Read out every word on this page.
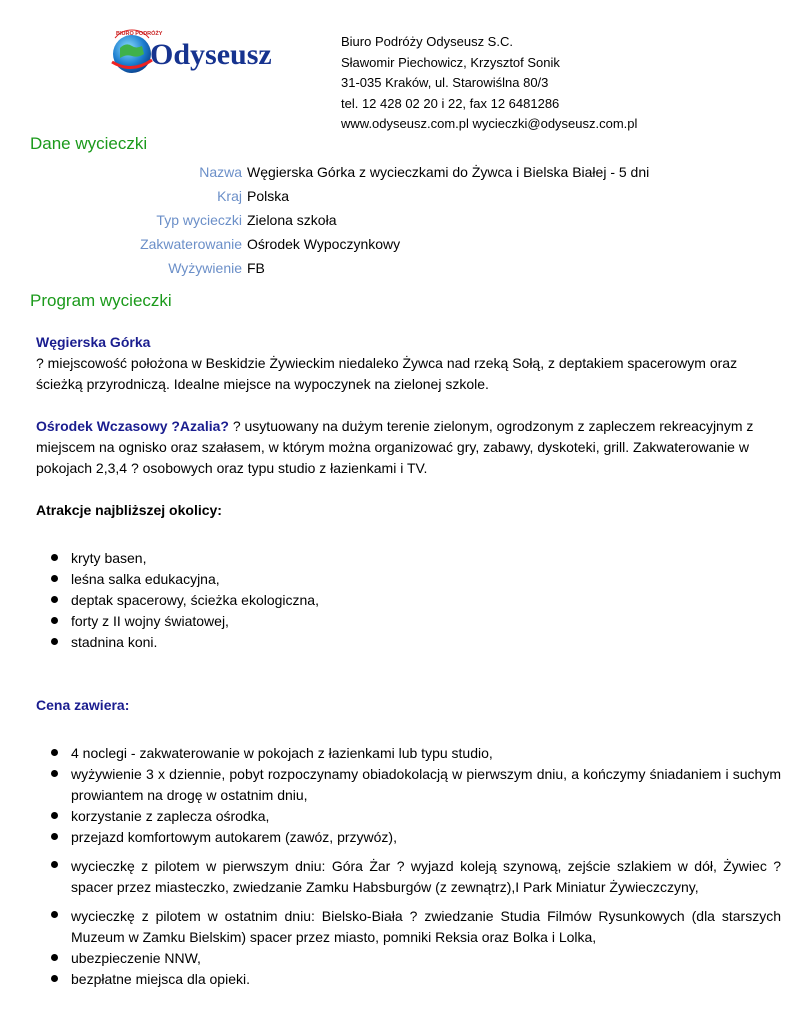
BIURO PODRÓŻY
Odyseusz	Biuro Podróży Odyseusz S.C.
Sławomir Piechowicz, Krzysztof Sonik
31-035 Kraków, ul. Starowiślna 80/3
tel. 12 428 02 20 i 22, fax 12 6481286
www.odyseusz.com.pl wycieczki@odyseusz.com.pl
Dane wycieczki
Nazwa Węgierska Górka z wycieczkami do Żywca i Bielska Białej - 5 dni
Kraj Polska
Typ wycieczki Zielona szkoła
Zakwaterowanie Ośrodek Wypoczynkowy
Wyżywienie FB
Program wycieczki

Węgierska Górka

? miejscowość położona w Beskidzie Żywieckim niedaleko Żywca nad rzeką Sołą, z deptakiem spacerowym oraz ścieżką przyrodniczą. Idealne miejsce na wypoczynek na zielonej szkole.

Ośrodek Wczasowy ?Azalia? ? usytuowany na dużym terenie zielonym, ogrodzonym z zapleczem rekreacyjnym z miejscem na ognisko oraz szałasem, w którym można organizować gry, zabawy, dyskoteki, grill. Zakwaterowanie w pokojach 2,3,4 ? osobowych oraz typu studio z łazienkami i TV.

Atrakcje najbliższej okolicy:

kryty basen,
leśna salka edukacyjna,
deptak spacerowy, ścieżka ekologiczna,
forty z II wojny światowej,
stadnina koni.

Cena zawiera:

4 noclegi - zakwaterowanie w pokojach z łazienkami lub typu studio,
wyżywienie 3 x dziennie, pobyt rozpoczynamy obiadokolacją w pierwszym dniu, a kończymy śniadaniem i suchym prowiantem na drogę w ostatnim dniu,
korzystanie z zaplecza ośrodka,
przejazd komfortowym autokarem (zawóz, przywóz),
wycieczkę z pilotem w pierwszym dniu: Góra Żar ? wyjazd koleją szynową, zejście szlakiem w dół, Żywiec ? spacer przez miasteczko, zwiedzanie Zamku Habsburgów (z zewnątrz),I Park Miniatur Żywieczczyny,
wycieczkę z pilotem w ostatnim dniu: Bielsko-Biała ? zwiedzanie Studia Filmów Rysunkowych (dla starszych Muzeum w Zamku Bielskim) spacer przez miasto, pomniki Reksia oraz Bolka i Lolka,
ubezpieczenie NNW,
bezpłatne miejsca dla opieki.
